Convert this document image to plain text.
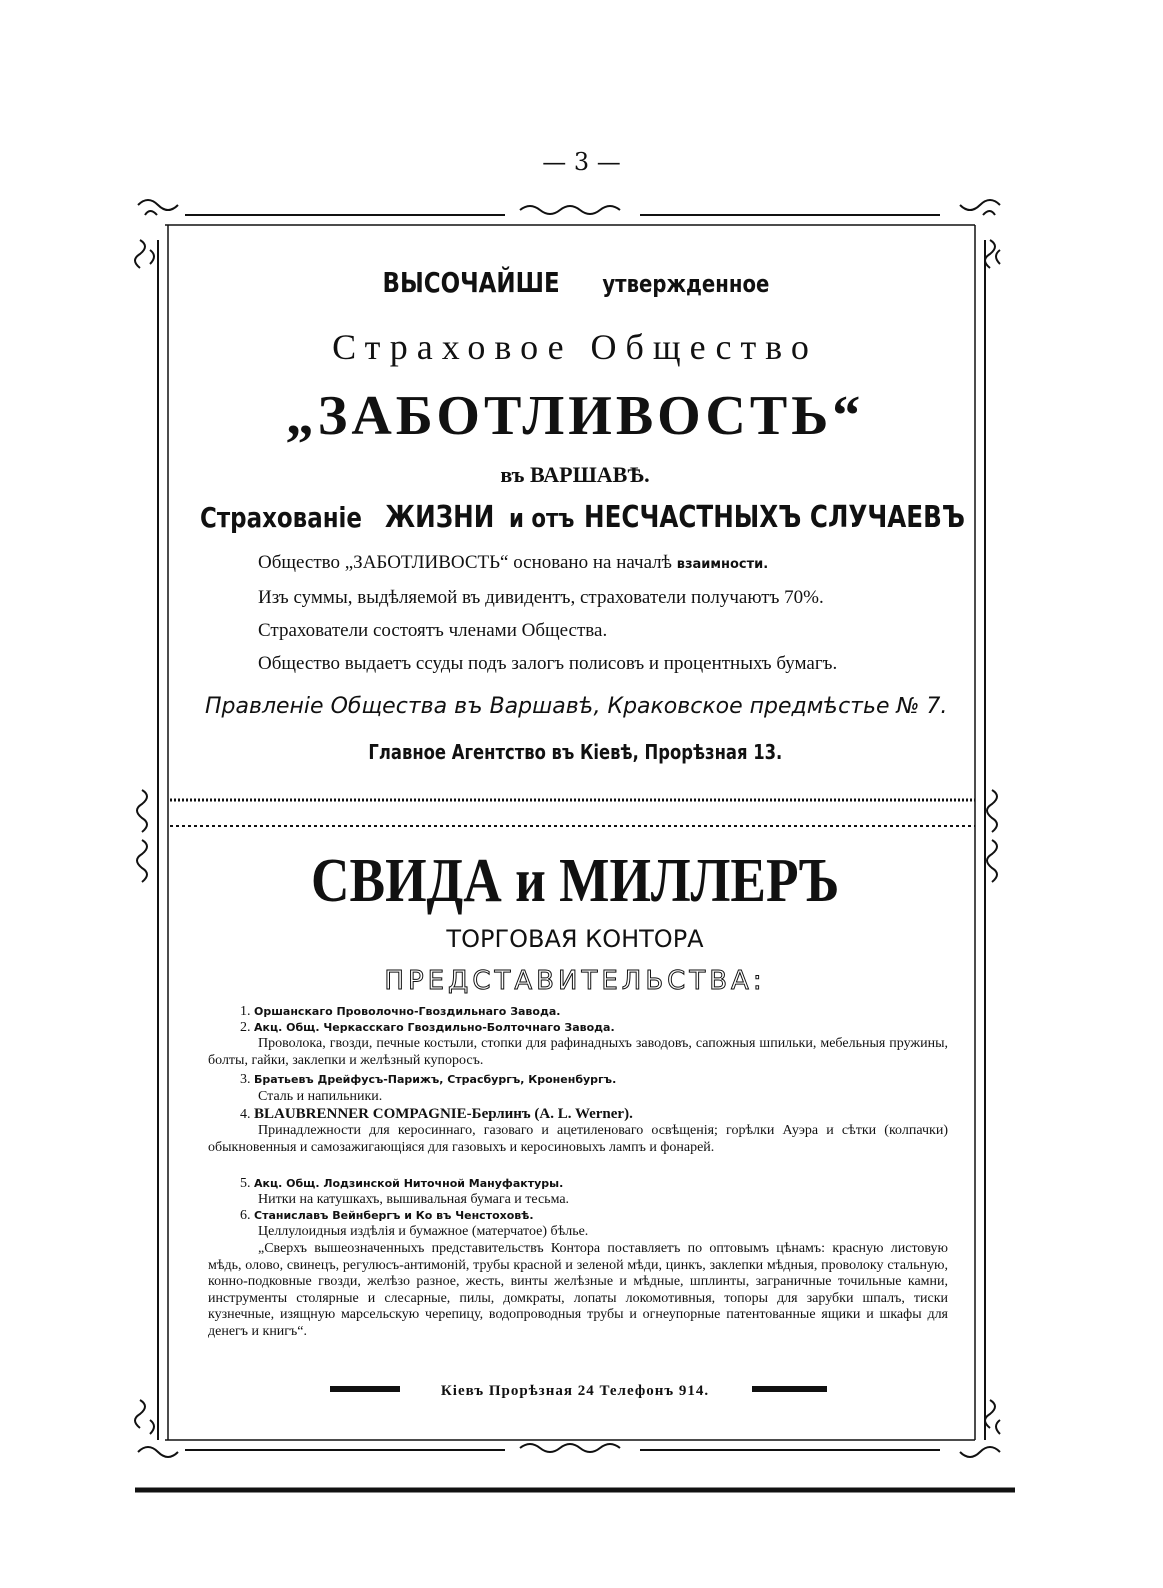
— 3 —
ВЫСОЧАЙШЕ утвержденное
Страховое Общество
„ЗАБОТЛИВОСТЬ“
въ ВАРШАВѢ.
Страхованіе ЖИЗНИ и отъ НЕСЧАСТНЫХЪ СЛУЧАЕВЪ
Общество „ЗАБОТЛИВОСТЬ“ основано на началѣ взаимности.
Изъ суммы, выдѣляемой въ дивидентъ, страхователи получаютъ 70%.
Страхователи состоятъ членами Общества.
Общество выдаетъ ссуды подъ залогъ полисовъ и процентныхъ бумагъ.
Правленіе Общества въ Варшавѣ, Краковское предмѣстье № 7.
Главное Агентство въ Кіевѣ, Прорѣзная 13.
СВИДА и МИЛЛЕРЪ
ТОРГОВАЯ КОНТОРА
ПРЕДСТАВИТЕЛЬСТВА:
1. Оршанскаго Проволочно-Гвоздильнаго Завода.
2. Акц. Общ. Черкасскаго Гвоздильно-Болточнаго Завода.
Проволока, гвозди, печные костыли, стопки для рафинадныхъ заводовъ, сапожныя шпильки, мебельныя пружины, болты, гайки, заклепки и желѣзный купоросъ.
3. Братьевъ Дрейфусъ-Парижъ, Страсбургъ, Кроненбургъ.
Сталь и напильники.
4. BLAUBRENNER COMPAGNIE-Берлинъ (A. L. Werner).
Принадлежности для керосиннаго, газоваго и ацетиленоваго освѣщенія; горѣлки Ауэра и сѣтки (колпачки) обыкновенныя и самозажигающіяся для газовыхъ и керосиновыхъ лампъ и фонарей.
5. Акц. Общ. Лодзинской Ниточной Мануфактуры.
Нитки на катушкахъ, вышивальная бумага и тесьма.
6. Станиславъ Вейнбергъ и Ко въ Ченстоховѣ.
Целлулоидныя издѣлія и бумажное (матерчатое) бѣлье.
„Сверхъ вышеозначенныхъ представительствъ Контора поставляетъ по оптовымъ цѣнамъ: красную листовую мѣдь, олово, свинецъ, регулюсъ-антимоній, трубы красной и зеленой мѣди, цинкъ, заклепки мѣдныя, проволоку стальную, конно-подковные гвозди, желѣзо разное, жесть, винты желѣзные и мѣдные, шплинты, заграничные точильные камни, инструменты столярные и слесарные, пилы, домкраты, лопаты локомотивныя, топоры для зарубки шпалъ, тиски кузнечные, изящную марсельскую черепицу, водопроводныя трубы и огнеупорные патентованные ящики и шкафы для денегъ и книгъ“.
Кіевъ Прорѣзная 24 Телефонъ 914.
